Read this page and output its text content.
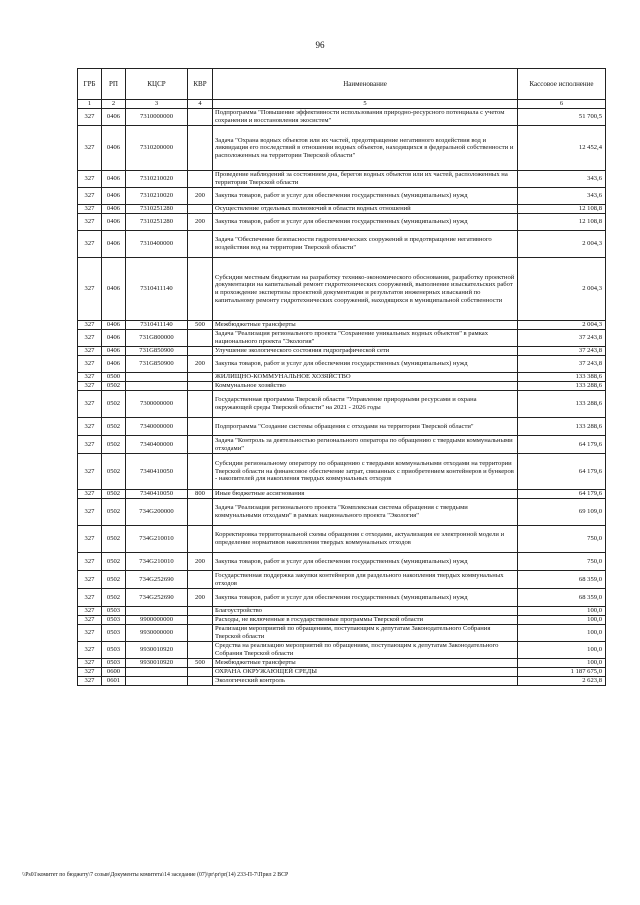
96
ГРБ	РП	КЦСР	КВР	Наименование	Кассовое исполнение
1	2	3	4	5	6
327	0406	7310000000		Подпрограмма "Повышение эффективности использования природно-ресурсного потенциала с учетом сохранения и восстановления экосистем"	51 700,5
327	0406	7310200000		Задача "Охрана водных объектов или их частей, предотвращение негативного воздействия вод и ликвидация его последствий в отношении водных объектов, находящихся в федеральной собственности и расположенных на территории Тверской области"	12 452,4
327	0406	7310210020		Проведение наблюдений за состоянием дна, берегов водных объектов или их частей, расположенных на территории Тверской области	343,6
327	0406	7310210020	200	Закупка товаров, работ и услуг для обеспечения государственных (муниципальных) нужд	343,6
327	0406	7310251280		Осуществление отдельных полномочий в области водных отношений	12 108,8
327	0406	7310251280	200	Закупка товаров, работ и услуг для обеспечения государственных (муниципальных) нужд	12 108,8
327	0406	7310400000		Задача "Обеспечение безопасности гидротехнических сооружений и предотвращение негативного воздействия вод на территории Тверской области"	2 004,3
327	0406	7310411140		Субсидии местным бюджетам на разработку технико-экономического обоснования, разработку проектной документации на капитальный ремонт гидротехнических сооружений, выполнение изыскательских работ и прохождение экспертизы проектной документации и результатов инженерных изысканий по капитальному ремонту гидротехнических сооружений, находящихся в муниципальной собственности	2 004,3
327	0406	7310411140	500	Межбюджетные трансферты	2 004,3
327	0406	731G800000		Задача "Реализация регионального проекта "Сохранение уникальных водных объектов" в рамках национального проекта "Экология"	37 243,8
327	0406	731G850900		Улучшение экологического состояния гидрографической сети	37 243,8
327	0406	731G850900	200	Закупка товаров, работ и услуг для обеспечения государственных (муниципальных) нужд	37 243,8
327	0500			ЖИЛИЩНО-КОММУНАЛЬНОЕ ХОЗЯЙСТВО	133 388,6
327	0502			Коммунальное хозяйство	133 288,6
327	0502	7300000000		Государственная программа Тверской области "Управление природными ресурсами и охрана окружающей среды Тверской области" на 2021 - 2026 годы	133 288,6
327	0502	7340000000		Подпрограмма "Создание системы обращения с отходами на территории Тверской области"	133 288,6
327	0502	7340400000		Задача "Контроль за деятельностью регионального оператора по обращению с твердыми коммунальными отходами"	64 179,6
327	0502	7340410050		Субсидии региональному оператору по обращению с твердыми коммунальными отходами на территории Тверской области на финансовое обеспечение затрат, связанных с приобретением контейнеров и бункеров - накопителей для накопления твердых коммунальных отходов	64 179,6
327	0502	7340410050	800	Иные бюджетные ассигнования	64 179,6
327	0502	734G200000		Задача "Реализация регионального проекта "Комплексная система обращения с твердыми коммунальными отходами" в рамках национального проекта "Экология"	69 109,0
327	0502	734G210010		Корректировка территориальной схемы обращения с отходами, актуализация ее электронной модели и определение нормативов накопления твердых коммунальных отходов	750,0
327	0502	734G210010	200	Закупка товаров, работ и услуг для обеспечения государственных (муниципальных) нужд	750,0
327	0502	734G252690		Государственная поддержка закупки контейнеров для раздельного накопления твердых коммунальных отходов	68 359,0
327	0502	734G252690	200	Закупка товаров, работ и услуг для обеспечения государственных (муниципальных) нужд	68 359,0
327	0503			Благоустройство	100,0
327	0503	9900000000		Расходы, не включенные в государственные программы Тверской области	100,0
327	0503	9930000000		Реализация мероприятий по обращениям, поступающим к депутатам Законодательного Собрания Тверской области	100,0
327	0503	9930010920		Средства на реализацию мероприятий по обращениям, поступающим к депутатам Законодательного Собрания Тверской области	100,0
327	0503	9930010920	500	Межбюджетные трансферты	100,0
327	0600			ОХРАНА ОКРУЖАЮЩЕЙ СРЕДЫ	1 187 675,0
327	0601			Экологический контроль	2 623,8
\\Ps01\комитет по бюджету\7 созыв\Документы комитета\14 заседание (07)\pr\pr\pr(14) 233-П-7\Прил 2 ВСР
